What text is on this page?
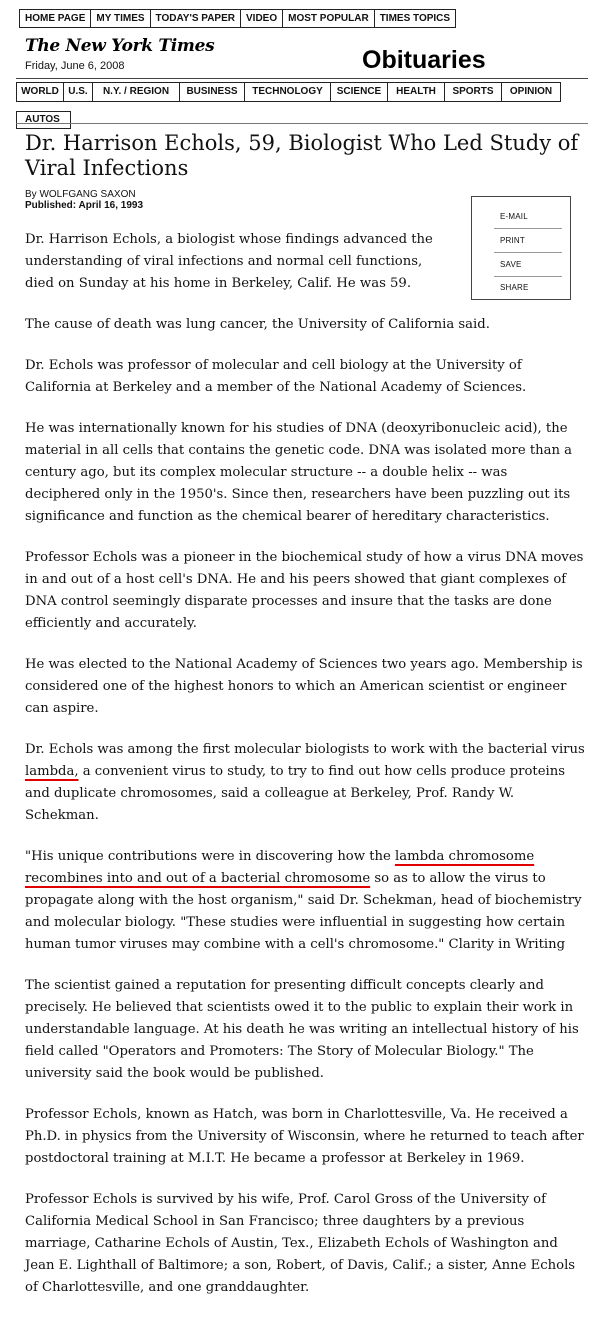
HOME PAGE	MY TIMES	TODAY'S PAPER	VIDEO	MOST POPULAR	TIMES TOPICS
The New York Times
Friday, June 6, 2008	Obituaries
WORLD U.S.	N.Y. / REGION	BUSINESS	TECHNOLOGY	SCIENCE	HEALTH	SPORTS	OPINION
AUTOS
Dr. Harrison Echols, 59, Biologist Who Led Study of Viral Infections
By WOLFGANG SAXON
Published: April 16, 1993
E-MAIL
PRINT
SAVE
SHARE

Dr. Harrison Echols, a biologist whose findings advanced the understanding of viral infections and normal cell functions, died on Sunday at his home in Berkeley, Calif. He was 59.

The cause of death was lung cancer, the University of California said.

Dr. Echols was professor of molecular and cell biology at the University of California at Berkeley and a member of the National Academy of Sciences.

He was internationally known for his studies of DNA (deoxyribonucleic acid), the material in all cells that contains the genetic code. DNA was isolated more than a century ago, but its complex molecular structure -- a double helix -- was deciphered only in the 1950's. Since then, researchers have been puzzling out its significance and function as the chemical bearer of hereditary characteristics.

Professor Echols was a pioneer in the biochemical study of how a virus DNA moves in and out of a host cell's DNA. He and his peers showed that giant complexes of DNA control seemingly disparate processes and insure that the tasks are done efficiently and accurately.

He was elected to the National Academy of Sciences two years ago. Membership is considered one of the highest honors to which an American scientist or engineer can aspire.

Dr. Echols was among the first molecular biologists to work with the bacterial virus lambda, a convenient virus to study, to try to find out how cells produce proteins and duplicate chromosomes, said a colleague at Berkeley, Prof. Randy W. Schekman.

"His unique contributions were in discovering how the lambda chromosome recombines into and out of a bacterial chromosome so as to allow the virus to propagate along with the host organism," said Dr. Schekman, head of biochemistry and molecular biology. "These studies were influential in suggesting how certain human tumor viruses may combine with a cell's chromosome." Clarity in Writing

The scientist gained a reputation for presenting difficult concepts clearly and precisely. He believed that scientists owed it to the public to explain their work in understandable language. At his death he was writing an intellectual history of his field called "Operators and Promoters: The Story of Molecular Biology." The university said the book would be published.

Professor Echols, known as Hatch, was born in Charlottesville, Va. He received a Ph.D. in physics from the University of Wisconsin, where he returned to teach after postdoctoral training at M.I.T. He became a professor at Berkeley in 1969.

Professor Echols is survived by his wife, Prof. Carol Gross of the University of California Medical School in San Francisco; three daughters by a previous marriage, Catharine Echols of Austin, Tex., Elizabeth Echols of Washington and Jean E. Lighthall of Baltimore; a son, Robert, of Davis, Calif.; a sister, Anne Echols of Charlottesville, and one granddaughter.
